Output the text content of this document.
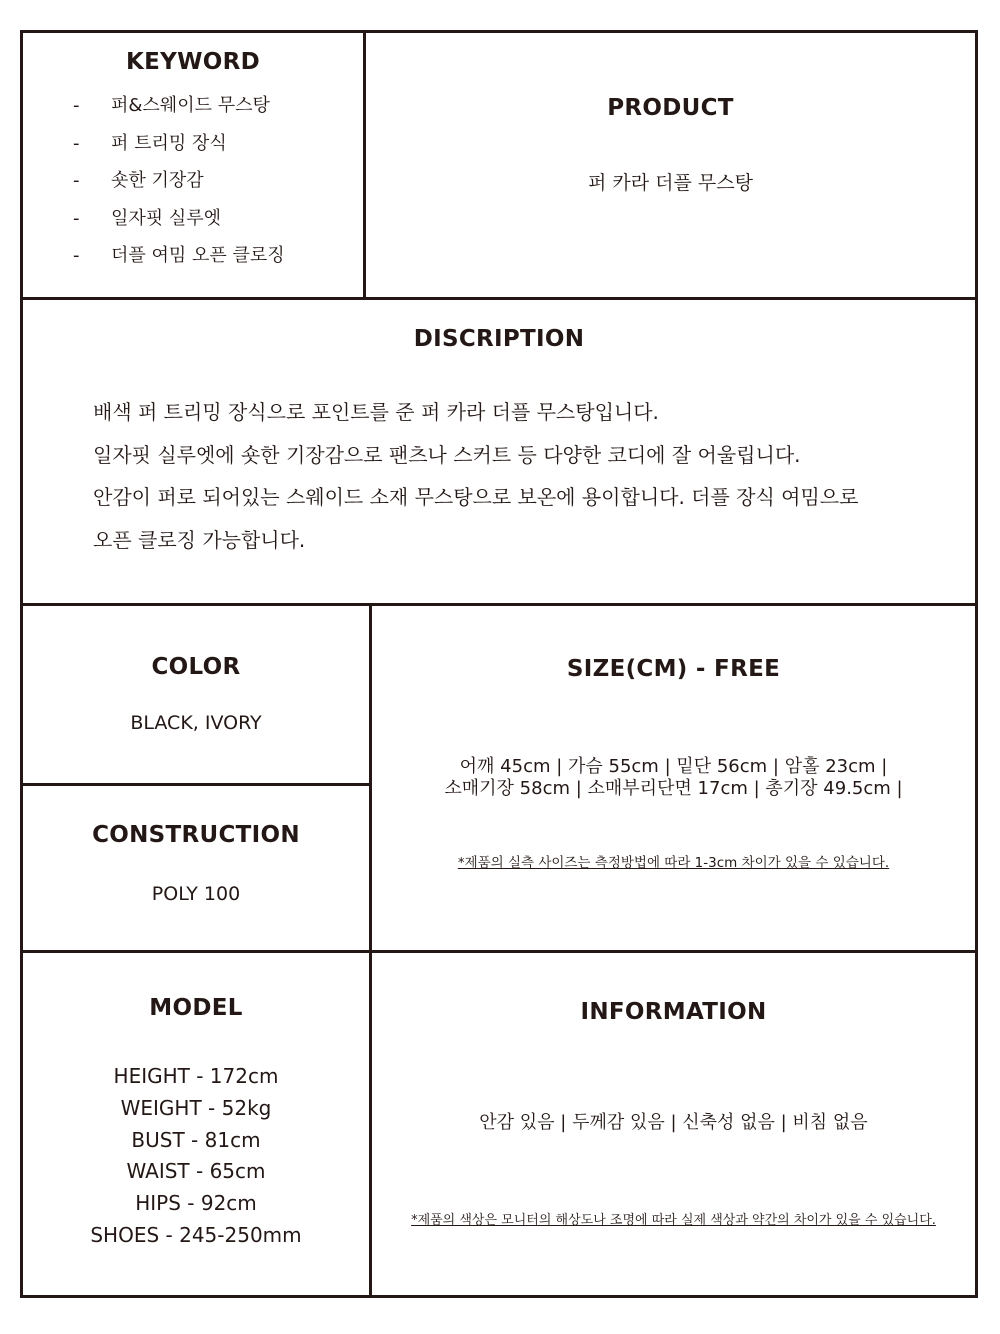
KEYWORD
- 퍼&스웨이드 무스탕
- 퍼 트리밍 장식
- 숏한 기장감
- 일자핏 실루엣
- 더플 여밈 오픈 클로징
PRODUCT
퍼 카라 더플 무스탕
DISCRIPTION
배색 퍼 트리밍 장식으로 포인트를 준 퍼 카라 더플 무스탕입니다.
일자핏 실루엣에 숏한 기장감으로 팬츠나 스커트 등 다양한 코디에 잘 어울립니다.
안감이 퍼로 되어있는 스웨이드 소재 무스탕으로 보온에 용이합니다. 더플 장식 여밈으로
오픈 클로징 가능합니다.
COLOR
BLACK, IVORY
CONSTRUCTION
POLY 100
SIZE(CM) - FREE
어깨 45cm | 가슴 55cm | 밑단 56cm | 암홀 23cm |
소매기장 58cm | 소매부리단면 17cm | 총기장 49.5cm |
*제품의 실측 사이즈는 측정방법에 따라 1-3cm 차이가 있을 수 있습니다.
MODEL
HEIGHT - 172cm
WEIGHT - 52kg
BUST - 81cm
WAIST - 65cm
HIPS - 92cm
SHOES - 245-250mm
INFORMATION
안감 있음 | 두께감 있음 | 신축성 없음 | 비침 없음
*제품의 색상은 모니터의 해상도나 조명에 따라 실제 색상과 약간의 차이가 있을 수 있습니다.
